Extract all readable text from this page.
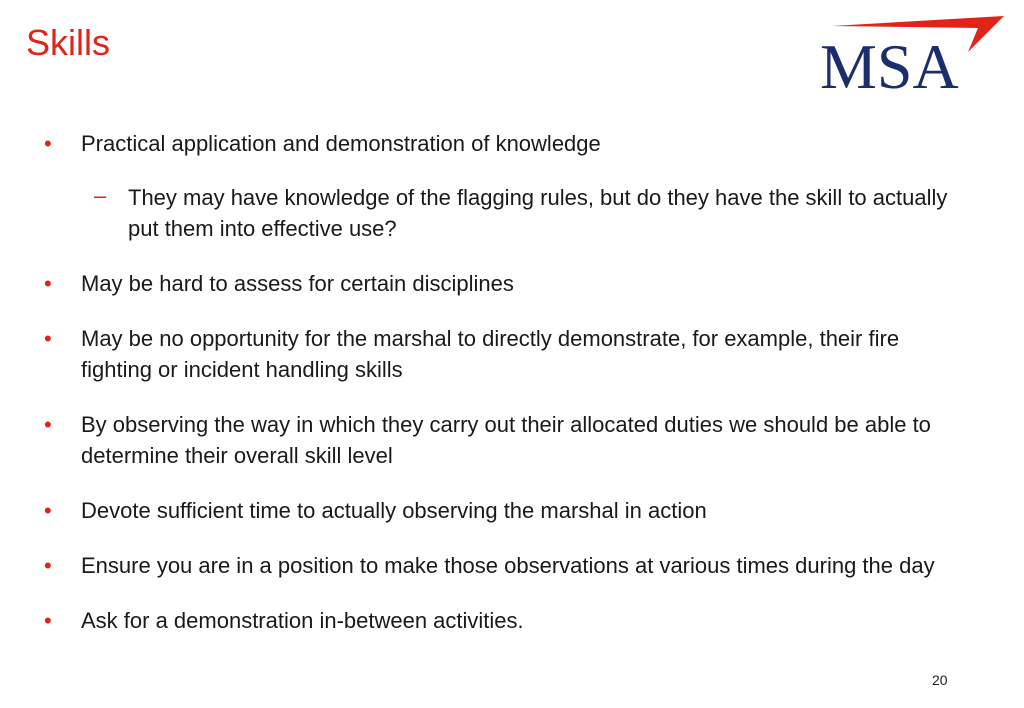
Skills	MSA
• Practical application and demonstration of knowledge
– They may have knowledge of the flagging rules, but do they have the skill to actually put them into effective use?
• May be hard to assess for certain disciplines
• May be no opportunity for the marshal to directly demonstrate, for example, their fire fighting or incident handling skills
• By observing the way in which they carry out their allocated duties we should be able to determine their overall skill level
• Devote sufficient time to actually observing the marshal in action
• Ensure you are in a position to make those observations at various times during the day
• Ask for a demonstration in-between activities.
20
